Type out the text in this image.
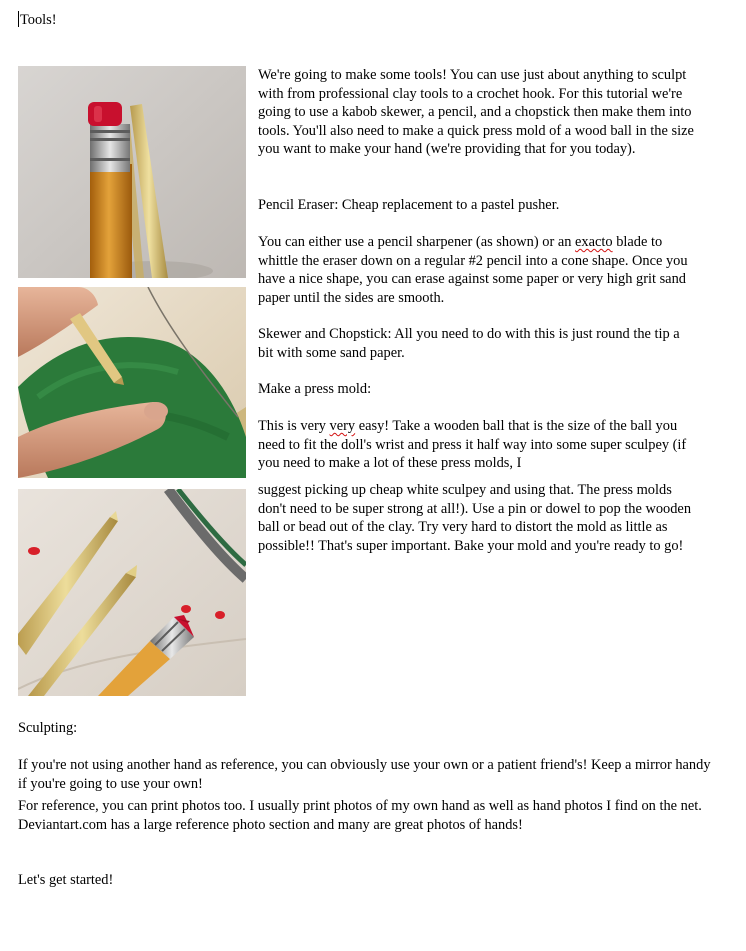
Tools!

We're going to make some tools! You can use just about anything to sculpt with from professional clay tools to a crochet hook. For this tutorial we're going to use a kabob skewer, a pencil, and a chopstick then make them into tools. You'll also need to make a quick press mold of a wood ball in the size you want to make your hand (we're providing that for you today).

Pencil Eraser: Cheap replacement to a pastel pusher.

You can either use a pencil sharpener (as shown) or an exacto blade to whittle the eraser down on a regular #2 pencil into a cone shape. Once you have a nice shape, you can erase against some paper or very high grit sand paper until the sides are smooth.

Skewer and Chopstick: All you need to do with this is just round the tip a bit with some sand paper.

Make a press mold:

This is very very easy! Take a wooden ball that is the size of the ball you need to fit the doll's wrist and press it half way into some super sculpey (if you need to make a lot of these press molds, I

suggest picking up cheap white sculpey and using that. The press molds don't need to be super strong at all!). Use a pin or dowel to pop the wooden ball or bead out of the clay. Try very hard to distort the mold as little as possible!! That's super important. Bake your mold and you're ready to go!

Sculpting:

If you're not using another hand as reference, you can obviously use your own or a patient friend's! Keep a mirror handy if you're going to use your own!

For reference, you can print photos too. I usually print photos of my own hand as well as hand photos I find on the net. Deviantart.com has a large reference photo section and many are great photos of hands!

Let's get started!
